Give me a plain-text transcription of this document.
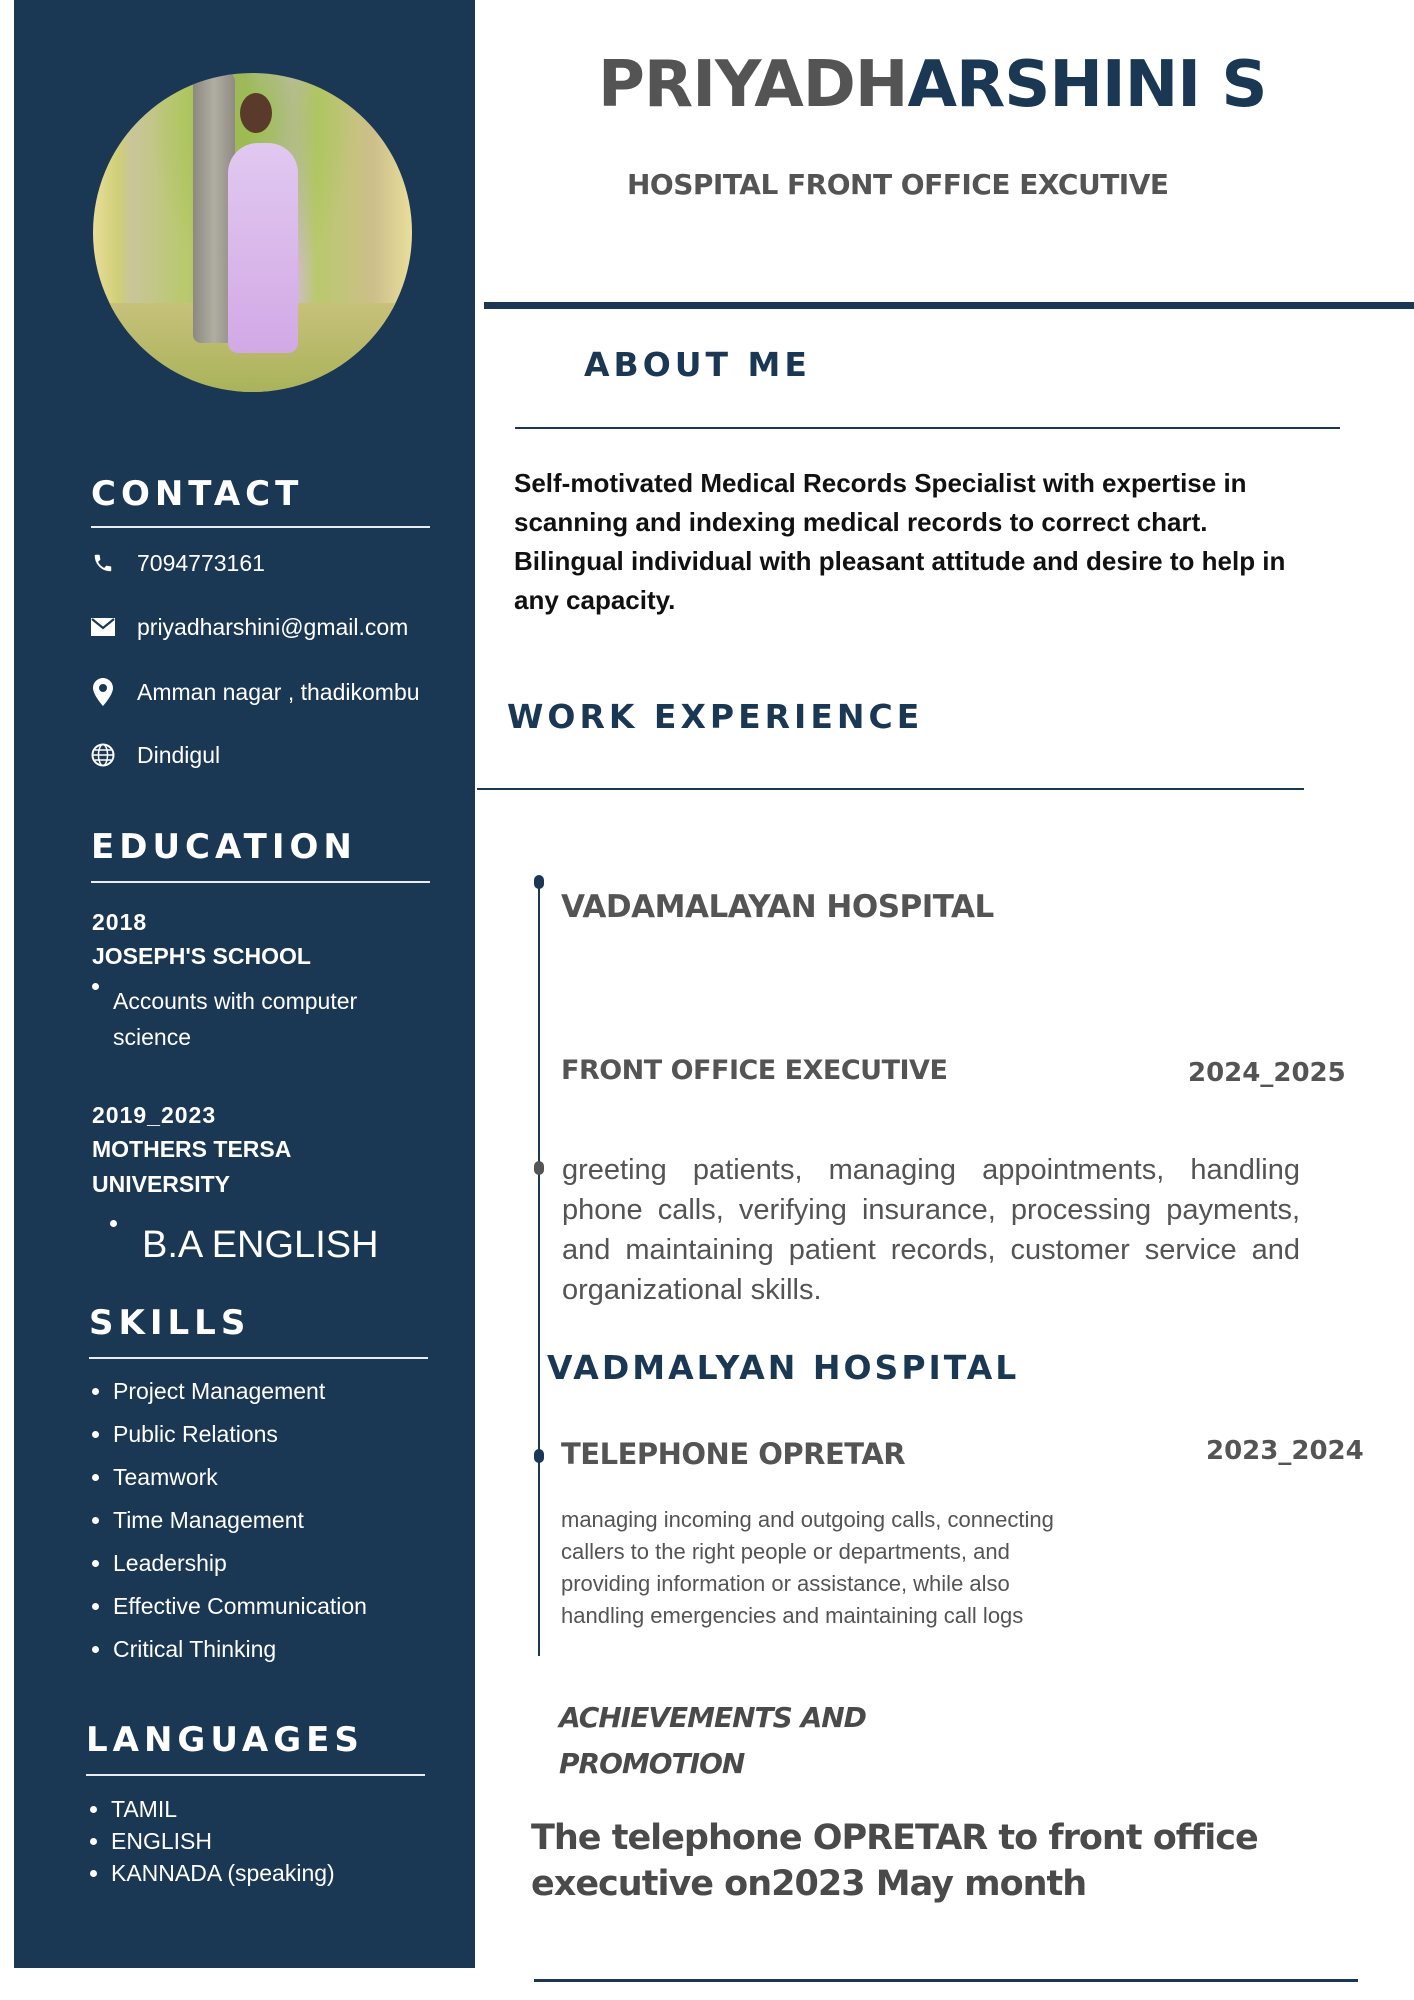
CONTACT
7094773161
priyadharshini@gmail.com
Amman nagar , thadikombu
Dindigul
EDUCATION
2018
JOSEPH'S SCHOOL
Accounts with computer science
2019_2023
MOTHERS TERSA UNIVERSITY
B.A ENGLISH
SKILLS
Project Management
Public Relations
Teamwork
Time Management
Leadership
Effective Communication
Critical Thinking
LANGUAGES
TAMIL
ENGLISH
KANNADA (speaking)
PRIYADHARSHINI S
HOSPITAL FRONT OFFICE EXCUTIVE
ABOUT ME
Self-motivated Medical Records Specialist with expertise in scanning and indexing medical records to correct chart. Bilingual individual with pleasant attitude and desire to help in any capacity.
WORK EXPERIENCE
VADAMALAYAN HOSPITAL
FRONT OFFICE EXECUTIVE	2024_2025
greeting patients, managing appointments, handling phone calls, verifying insurance, processing payments, and maintaining patient records, customer service and organizational skills.
VADMALYAN HOSPITAL
TELEPHONE OPRETAR	2023_2024
managing incoming and outgoing calls, connecting callers to the right people or departments, and providing information or assistance, while also handling emergencies and maintaining call logs
ACHIEVEMENTS AND
PROMOTION
The telephone OPRETAR to front office executive on2023 May month
